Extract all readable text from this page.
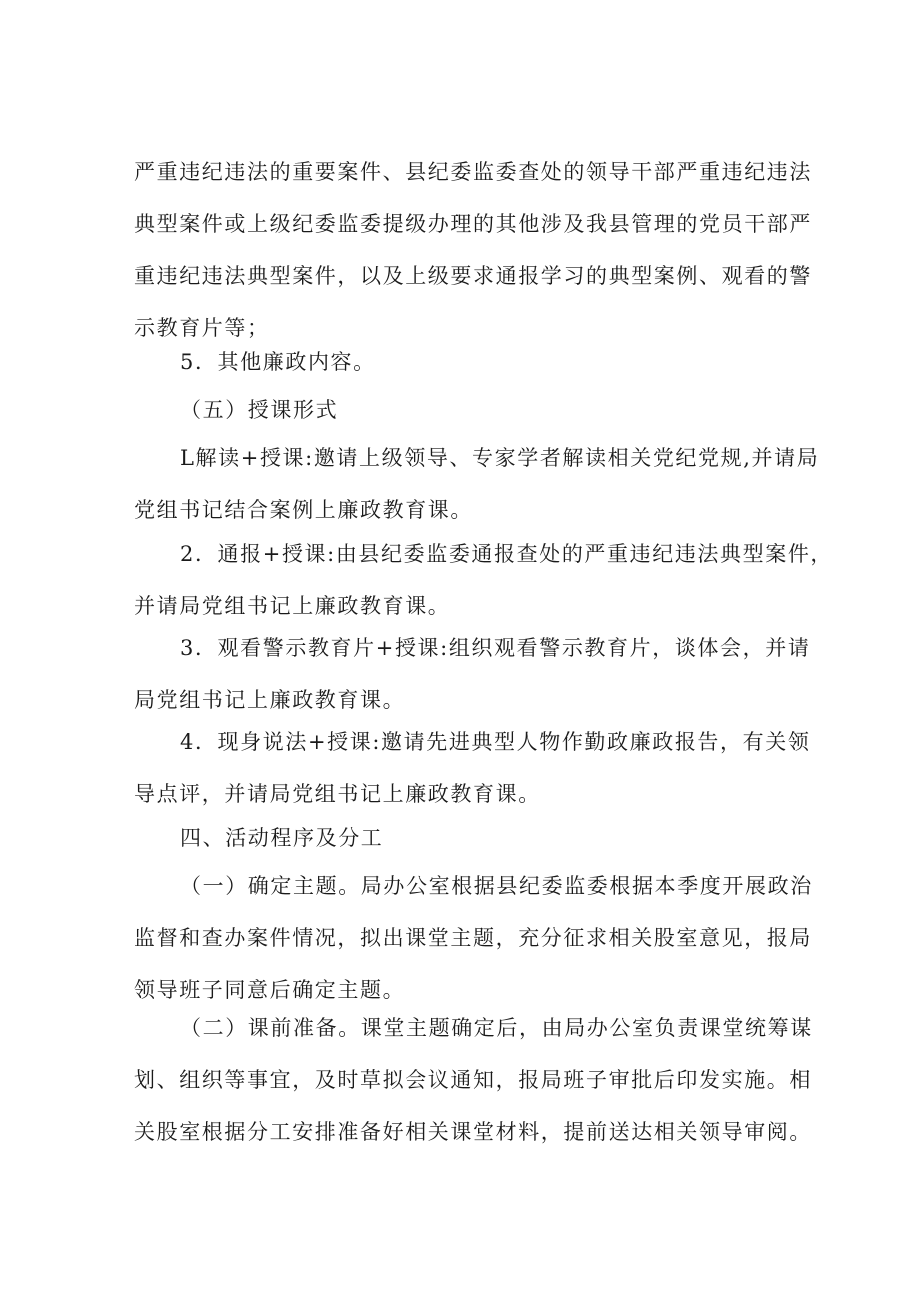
严重违纪违法的重要案件、县纪委监委查处的领导干部严重违纪违法
典型案件或上级纪委监委提级办理的其他涉及我县管理的党员干部严
重违纪违法典型案件，以及上级要求通报学习的典型案例、观看的警
示教育片等；
5．其他廉政内容。
（五）授课形式
L解读+授课:邀请上级领导、专家学者解读相关党纪党规,并请局
党组书记结合案例上廉政教育课。
2．通报+授课:由县纪委监委通报查处的严重违纪违法典型案件，
并请局党组书记上廉政教育课。
3．观看警示教育片+授课:组织观看警示教育片，谈体会，并请
局党组书记上廉政教育课。
4．现身说法+授课:邀请先进典型人物作勤政廉政报告，有关领
导点评，并请局党组书记上廉政教育课。
四、活动程序及分工
（一）确定主题。局办公室根据县纪委监委根据本季度开展政治
监督和查办案件情况，拟出课堂主题，充分征求相关股室意见，报局
领导班子同意后确定主题。
（二）课前准备。课堂主题确定后，由局办公室负责课堂统筹谋
划、组织等事宜，及时草拟会议通知，报局班子审批后印发实施。相
关股室根据分工安排准备好相关课堂材料，提前送达相关领导审阅。
